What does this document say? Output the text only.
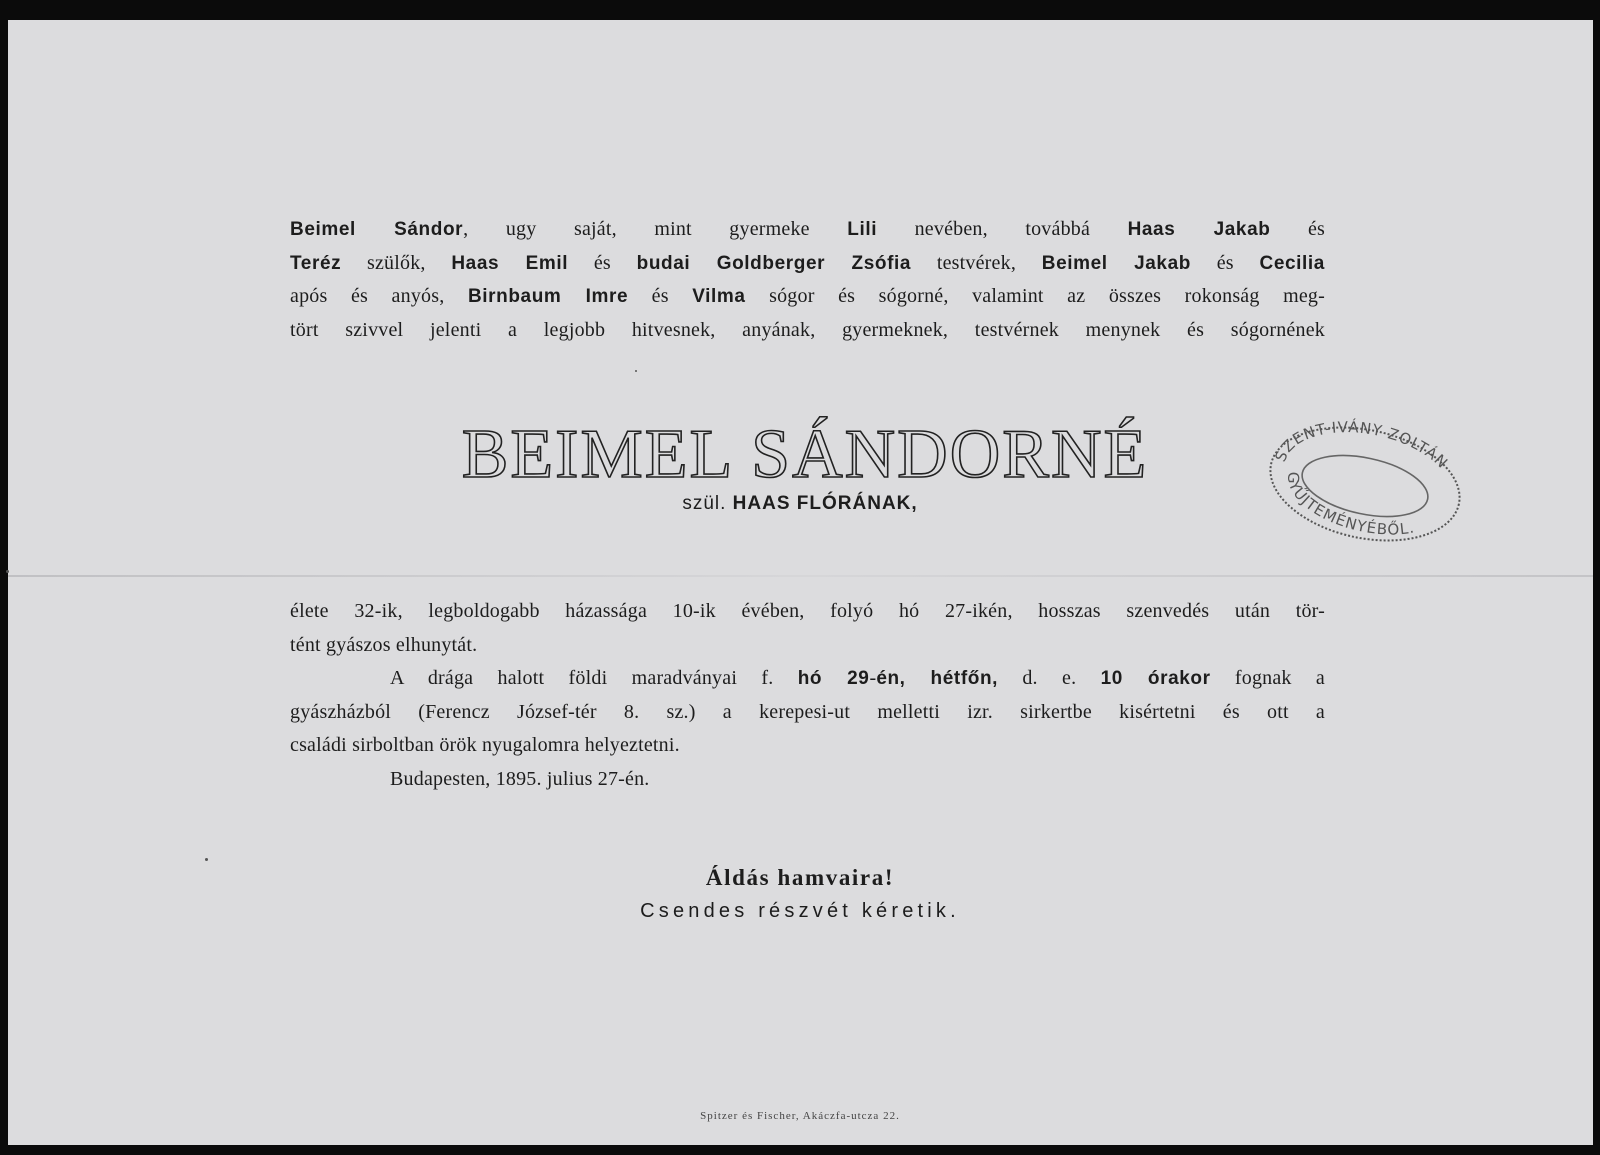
Beimel Sándor, ugy saját, mint gyermeke Lili nevében, továbbá Haas Jakab és
Teréz szülők, Haas Emil és budai Goldberger Zsófia testvérek, Beimel Jakab és Cecilia
após és anyós, Birnbaum Imre és Vilma sógor és sógorné, valamint az összes rokonság meg-
tört szivvel jelenti a legjobb hitvesnek, anyának, gyermeknek, testvérnek menynek és sógornének
BEIMEL SÁNDORNÉ
szül. HAAS FLÓRÁNAK,
SZENT-IVÁNY ZOLTÁN
GYŰJTEMÉNYÉBŐL.
élete 32-ik, legboldogabb házassága 10-ik évében, folyó hó 27-ikén, hosszas szenvedés után tör-
tént gyászos elhunytát.
A drága halott földi maradványai f. hó 29-én, hétfőn, d. e. 10 órakor fognak a
gyászházból (Ferencz József-tér 8. sz.) a kerepesi-ut melletti izr. sirkertbe kisértetni és ott a
családi sirboltban örök nyugalomra helyeztetni.
Budapesten, 1895. julius 27-én.
Áldás hamvaira!
Csendes részvét kéretik.
Spitzer és Fischer, Akáczfa-utcza 22.
